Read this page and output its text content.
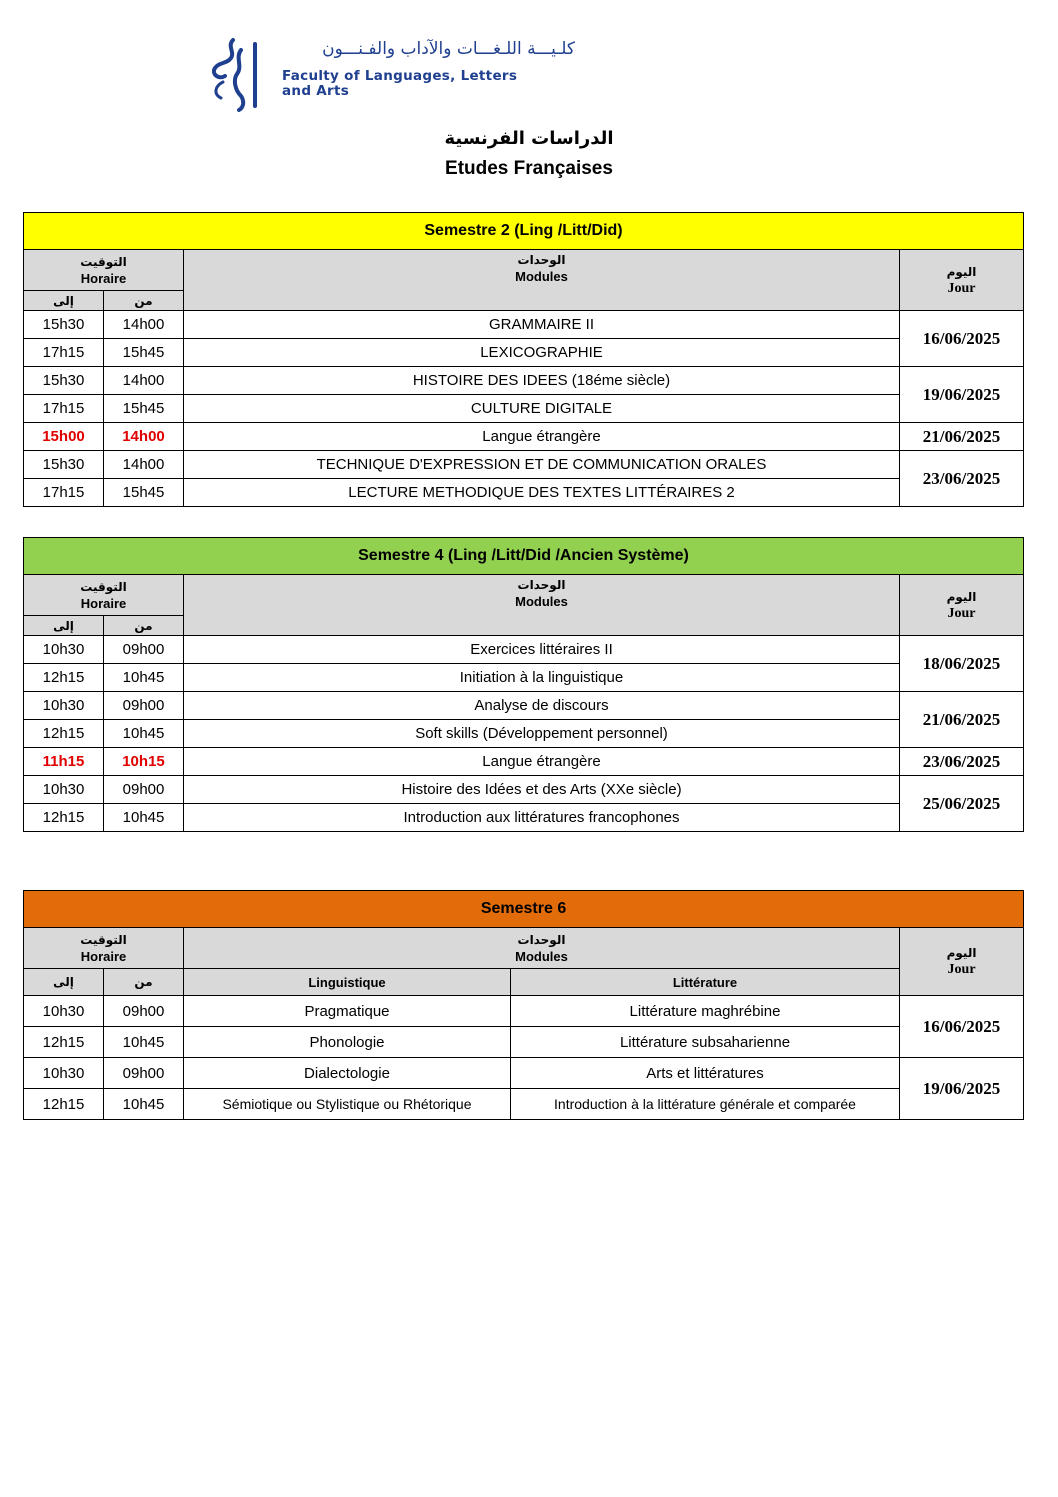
كلـيـــة اللـغـــات والآداب والفـنـــون
Faculty of Languages, Letters
and Arts
الدراسات الفرنسية
Etudes Françaises
Semestre 2 (Ling /Litt/Did)			

التوقيت
Horaire		الوحدات
Modules	اليوم
Jour

إلى	من		
15h30	14h00	GRAMMAIRE II	16/06/2025
17h15	15h45	LEXICOGRAPHIE	
15h30	14h00	HISTOIRE DES IDEES (18éme siècle)	19/06/2025
17h15	15h45	CULTURE DIGITALE	
15h00	14h00	Langue étrangère	21/06/2025
15h30	14h00	TECHNIQUE D'EXPRESSION ET DE COMMUNICATION ORALES	23/06/2025
17h15	15h45	LECTURE METHODIQUE DES TEXTES LITTÉRAIRES 2	
Semestre 4 (Ling /Litt/Did /Ancien Système)			

التوقيت
Horaire		الوحدات
Modules	اليوم
Jour

إلى	من		
10h30	09h00	Exercices littéraires II	18/06/2025
12h15	10h45	Initiation à la linguistique	
10h30	09h00	Analyse de discours	21/06/2025
12h15	10h45	Soft skills (Développement personnel)	
11h15	10h15	Langue étrangère	23/06/2025
10h30	09h00	Histoire des Idées et des Arts (XXe siècle)	25/06/2025
12h15	10h45	Introduction aux littératures francophones	
Semestre 6				

التوقيت
Horaire		الوحدات
Modules		اليوم
Jour

إلى	من	Linguistique	Littérature	
10h30	09h00	Pragmatique	Littérature maghrébine	16/06/2025
12h15	10h45	Phonologie	Littérature subsaharienne	
10h30	09h00	Dialectologie	Arts et littératures	19/06/2025
12h15	10h45	Sémiotique ou Stylistique ou Rhétorique	Introduction à la littérature générale et comparée	
